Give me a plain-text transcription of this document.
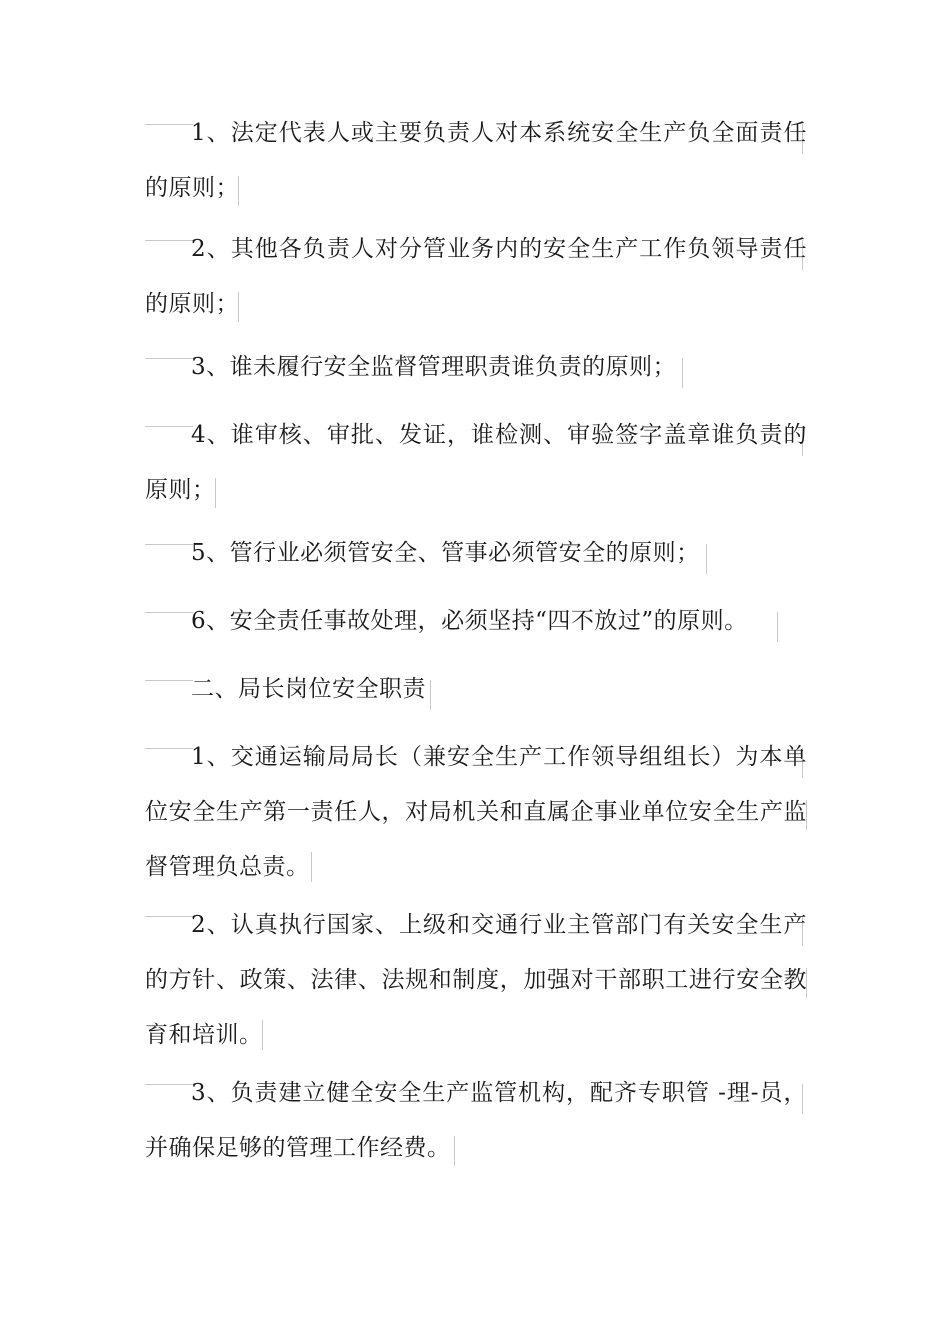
1、法定代表人或主要负责人对本系统安全生产负全面责任的原则；

2、其他各负责人对分管业务内的安全生产工作负领导责任的原则；

3、谁未履行安全监督管理职责谁负责的原则；

4、谁审核、审批、发证，谁检测、审验签字盖章谁负责的原则；

5、管行业必须管安全、管事必须管安全的原则；

6、安全责任事故处理，必须坚持“四不放过”的原则。

二、局长岗位安全职责

1、交通运输局局长（兼安全生产工作领导组组长）为本单位安全生产第一责任人，对局机关和直属企事业单位安全生产监督管理负总责。

2、认真执行国家、上级和交通行业主管部门有关安全生产的方针、政策、法律、法规和制度，加强对干部职工进行安全教育和培训。

3、负责建立健全安全生产监管机构，配齐专职管 -理-员，并确保足够的管理工作经费。
